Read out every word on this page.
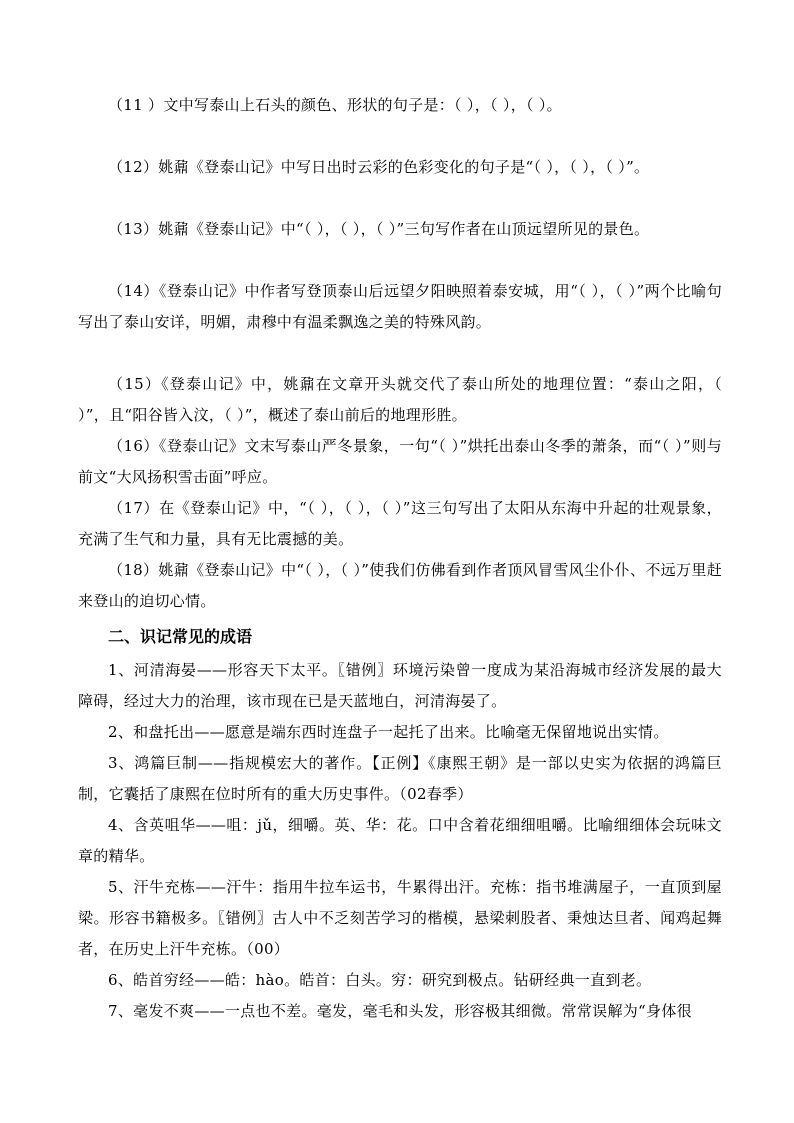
（11 ）文中写泰山上石头的颜色、形状的句子是：（ ），（ ），（ ）。

（12）姚鼐《登泰山记》中写日出时云彩的色彩变化的句子是“（ ），（ ），（ ）”。

（13）姚鼐《登泰山记》中“（ ），（ ），（ ）”三句写作者在山顶远望所见的景色。

（14）《登泰山记》中作者写登顶泰山后远望夕阳映照着泰安城，用“（ ），（ ）”两个比喻句写出了泰山安详，明媚，肃穆中有温柔飘逸之美的特殊风韵。

（15）《登泰山记》中，姚鼐在文章开头就交代了泰山所处的地理位置：“泰山之阳，（ ）”，且“阳谷皆入汶，（ ）”，概述了泰山前后的地理形胜。

（16）《登泰山记》文末写泰山严冬景象，一句“（ ）”烘托出泰山冬季的萧条，而“（ ）”则与前文“大风扬积雪击面”呼应。

（17）在《登泰山记》中，“（ ），（ ），（ ）”这三句写出了太阳从东海中升起的壮观景象，充满了生气和力量，具有无比震撼的美。

（18）姚鼐《登泰山记》中“（ ），（ ）”使我们仿佛看到作者顶风冒雪风尘仆仆、不远万里赶来登山的迫切心情。

二、识记常见的成语

1、河清海晏——形容天下太平。〖错例〗环境污染曾一度成为某沿海城市经济发展的最大障碍，经过大力的治理，该市现在已是天蓝地白，河清海晏了。

2、和盘托出——愿意是端东西时连盘子一起托了出来。比喻毫无保留地说出实情。

3、鸿篇巨制——指规模宏大的著作。【正例】《康熙王朝》是一部以史实为依据的鸿篇巨制，它囊括了康熙在位时所有的重大历史事件。（02春季）

4、含英咀华——咀：jǔ，细嚼。英、华：花。口中含着花细细咀嚼。比喻细细体会玩味文章的精华。

5、汗牛充栋——汗牛：指用牛拉车运书，牛累得出汗。充栋：指书堆满屋子，一直顶到屋梁。形容书籍极多。〖错例〗古人中不乏刻苦学习的楷模，悬梁刺股者、秉烛达旦者、闻鸡起舞者，在历史上汗牛充栋。（00）

6、皓首穷经——皓：hào。皓首：白头。穷：研究到极点。钻研经典一直到老。

7、毫发不爽——一点也不差。毫发，毫毛和头发，形容极其细微。常常误解为“身体很
